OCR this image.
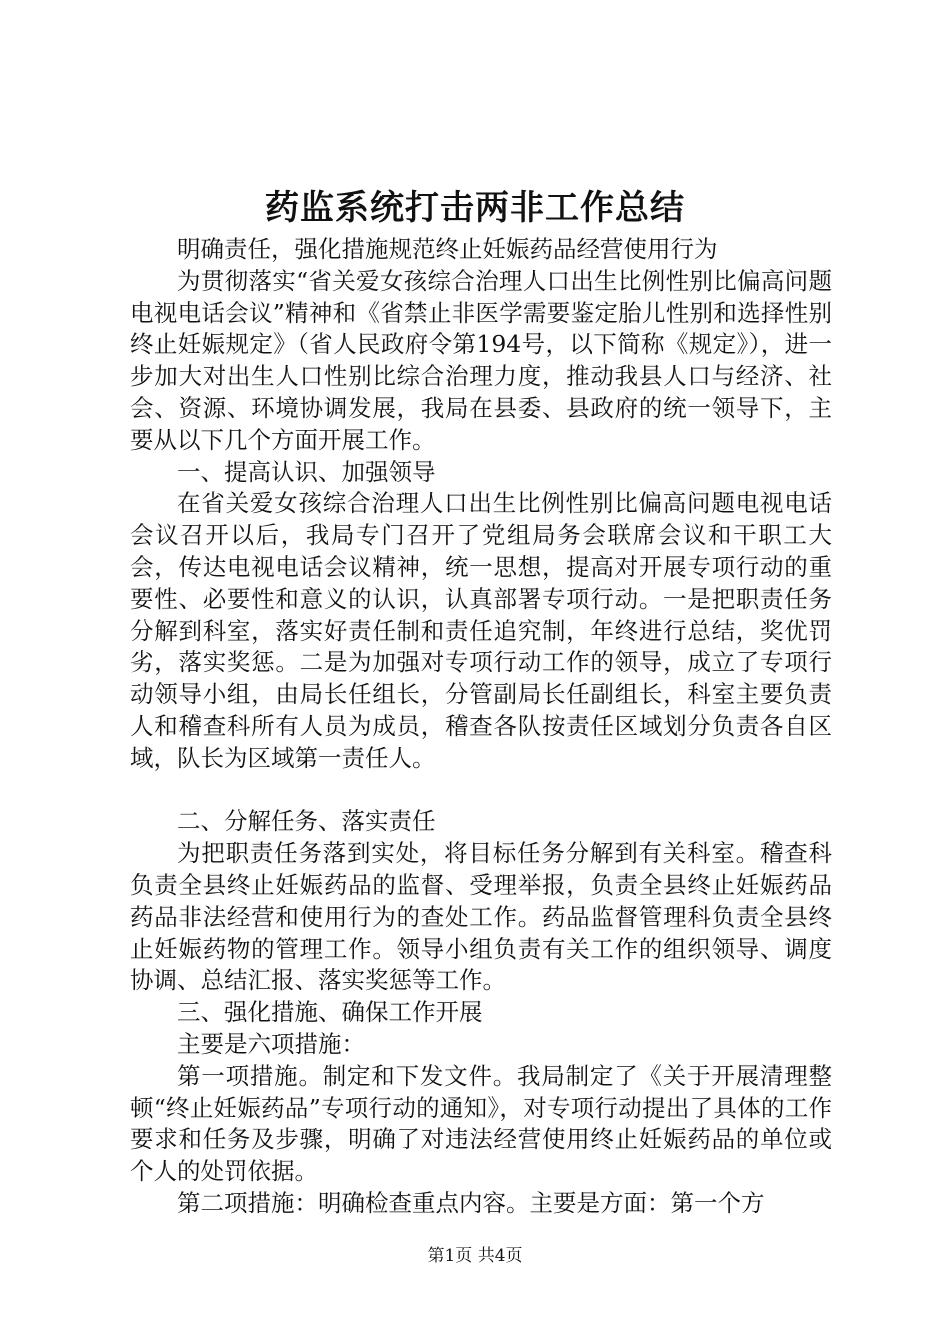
药监系统打击两非工作总结

明确责任，强化措施规范终止妊娠药品经营使用行为

为贯彻落实“省关爱女孩综合治理人口出生比例性别比偏高问题电视电话会议”精神和《省禁止非医学需要鉴定胎儿性别和选择性别终止妊娠规定》（省人民政府令第194号，以下简称《规定》），进一步加大对出生人口性别比综合治理力度，推动我县人口与经济、社会、资源、环境协调发展，我局在县委、县政府的统一领导下，主要从以下几个方面开展工作。

一、提高认识、加强领导

在省关爱女孩综合治理人口出生比例性别比偏高问题电视电话会议召开以后，我局专门召开了党组局务会联席会议和干职工大会，传达电视电话会议精神，统一思想，提高对开展专项行动的重要性、必要性和意义的认识，认真部署专项行动。一是把职责任务分解到科室，落实好责任制和责任追究制，年终进行总结，奖优罚劣，落实奖惩。二是为加强对专项行动工作的领导，成立了专项行动领导小组，由局长任组长，分管副局长任副组长，科室主要负责人和稽查科所有人员为成员，稽查各队按责任区域划分负责各自区域，队长为区域第一责任人。

二、分解任务、落实责任

为把职责任务落到实处，将目标任务分解到有关科室。稽查科负责全县终止妊娠药品的监督、受理举报，负责全县终止妊娠药品药品非法经营和使用行为的查处工作。药品监督管理科负责全县终止妊娠药物的管理工作。领导小组负责有关工作的组织领导、调度协调、总结汇报、落实奖惩等工作。

三、强化措施、确保工作开展

主要是六项措施：

第一项措施。制定和下发文件。我局制定了《关于开展清理整顿“终止妊娠药品”专项行动的通知》，对专项行动提出了具体的工作要求和任务及步骤，明确了对违法经营使用终止妊娠药品的单位或个人的处罚依据。

第二项措施：明确检查重点内容。主要是方面：第一个方

第1页 共4页
